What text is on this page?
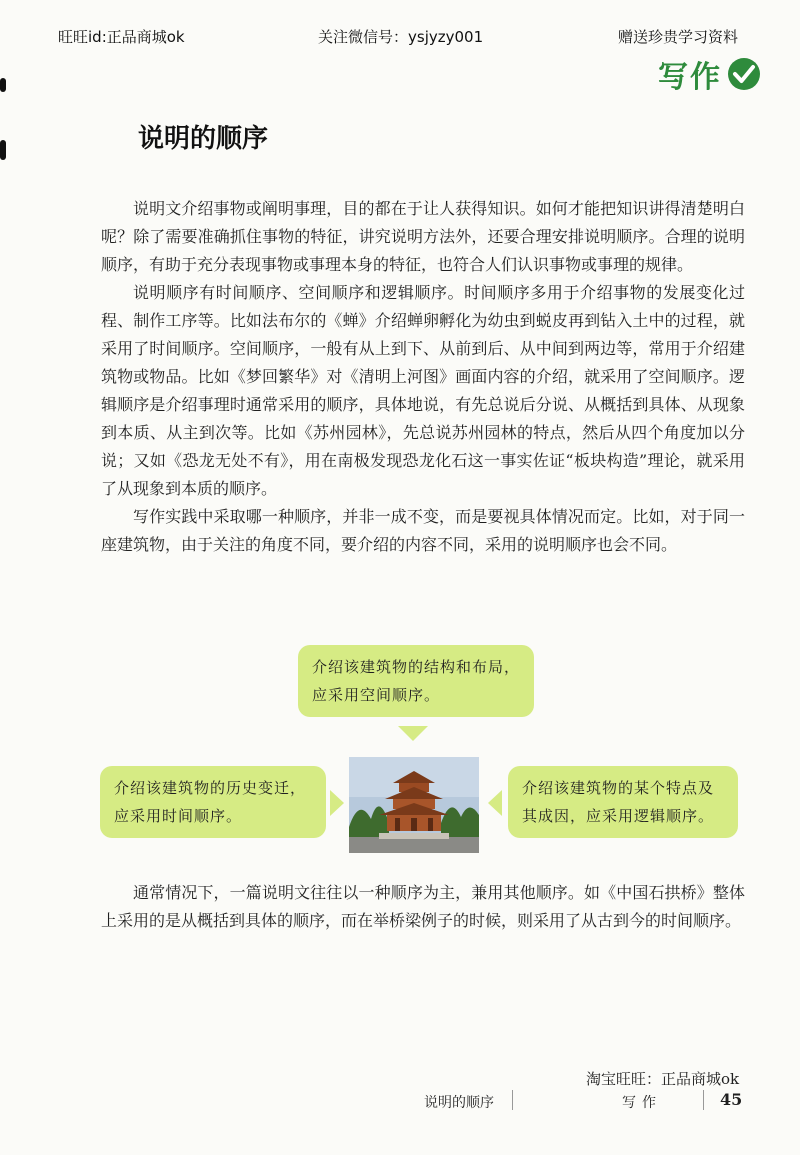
旺旺id:正品商城ok	关注微信号：ysjyzy001	赠送珍贵学习资料
写作
说明的顺序

说明文介绍事物或阐明事理，目的都在于让人获得知识。如何才能把知识讲得清楚明白呢？除了需要准确抓住事物的特征，讲究说明方法外，还要合理安排说明顺序。合理的说明顺序，有助于充分表现事物或事理本身的特征，也符合人们认识事物或事理的规律。

说明顺序有时间顺序、空间顺序和逻辑顺序。时间顺序多用于介绍事物的发展变化过程、制作工序等。比如法布尔的《蝉》介绍蝉卵孵化为幼虫到蜕皮再到钻入土中的过程，就采用了时间顺序。空间顺序，一般有从上到下、从前到后、从中间到两边等，常用于介绍建筑物或物品。比如《梦回繁华》对《清明上河图》画面内容的介绍，就采用了空间顺序。逻辑顺序是介绍事理时通常采用的顺序，具体地说，有先总说后分说、从概括到具体、从现象到本质、从主到次等。比如《苏州园林》，先总说苏州园林的特点，然后从四个角度加以分说；又如《恐龙无处不有》，用在南极发现恐龙化石这一事实佐证“板块构造”理论，就采用了从现象到本质的顺序。

写作实践中采取哪一种顺序，并非一成不变，而是要视具体情况而定。比如，对于同一座建筑物，由于关注的角度不同，要介绍的内容不同，采用的说明顺序也会不同。

介绍该建筑物的结构和布局，应采用空间顺序。
介绍该建筑物的历史变迁，应采用时间顺序。
介绍该建筑物的某个特点及其成因，应采用逻辑顺序。

通常情况下，一篇说明文往往以一种顺序为主，兼用其他顺序。如《中国石拱桥》整体上采用的是从概括到具体的顺序，而在举桥梁例子的时候，则采用了从古到今的时间顺序。

淘宝旺旺：正品商城ok
说明的顺序	写作	45
